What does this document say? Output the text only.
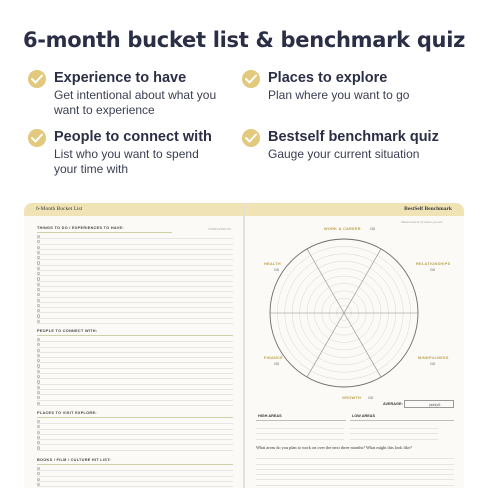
6-month bucket list & benchmark quiz
Experience to have
Get intentional about what you want to experience
Places to explore
Plan where you want to go
People to connect with
List who you want to spend your time with
Bestself benchmark quiz
Gauge your current situation
6-Month Bucket List	BestSelf Benchmark
Measurement of where you are
THINGS TO DO / EXPERIENCES TO HAVE:	COMPLETED BY
PEOPLE TO CONNECT WITH:
PLACES TO VISIT EXPLORE:
BOOKS / FILM / CULTURE HIT LIST:
WORK & CAREER	/10
RELATIONSHIPS
/10
MINDFULNESS
/10
GROWTH /10
FINANCE
/10
HEALTH
/10
AVERAGE:	(add)/6
HIGH AREAS	LOW AREAS
What areas do you plan to work on over the next three months? What might this look like?
